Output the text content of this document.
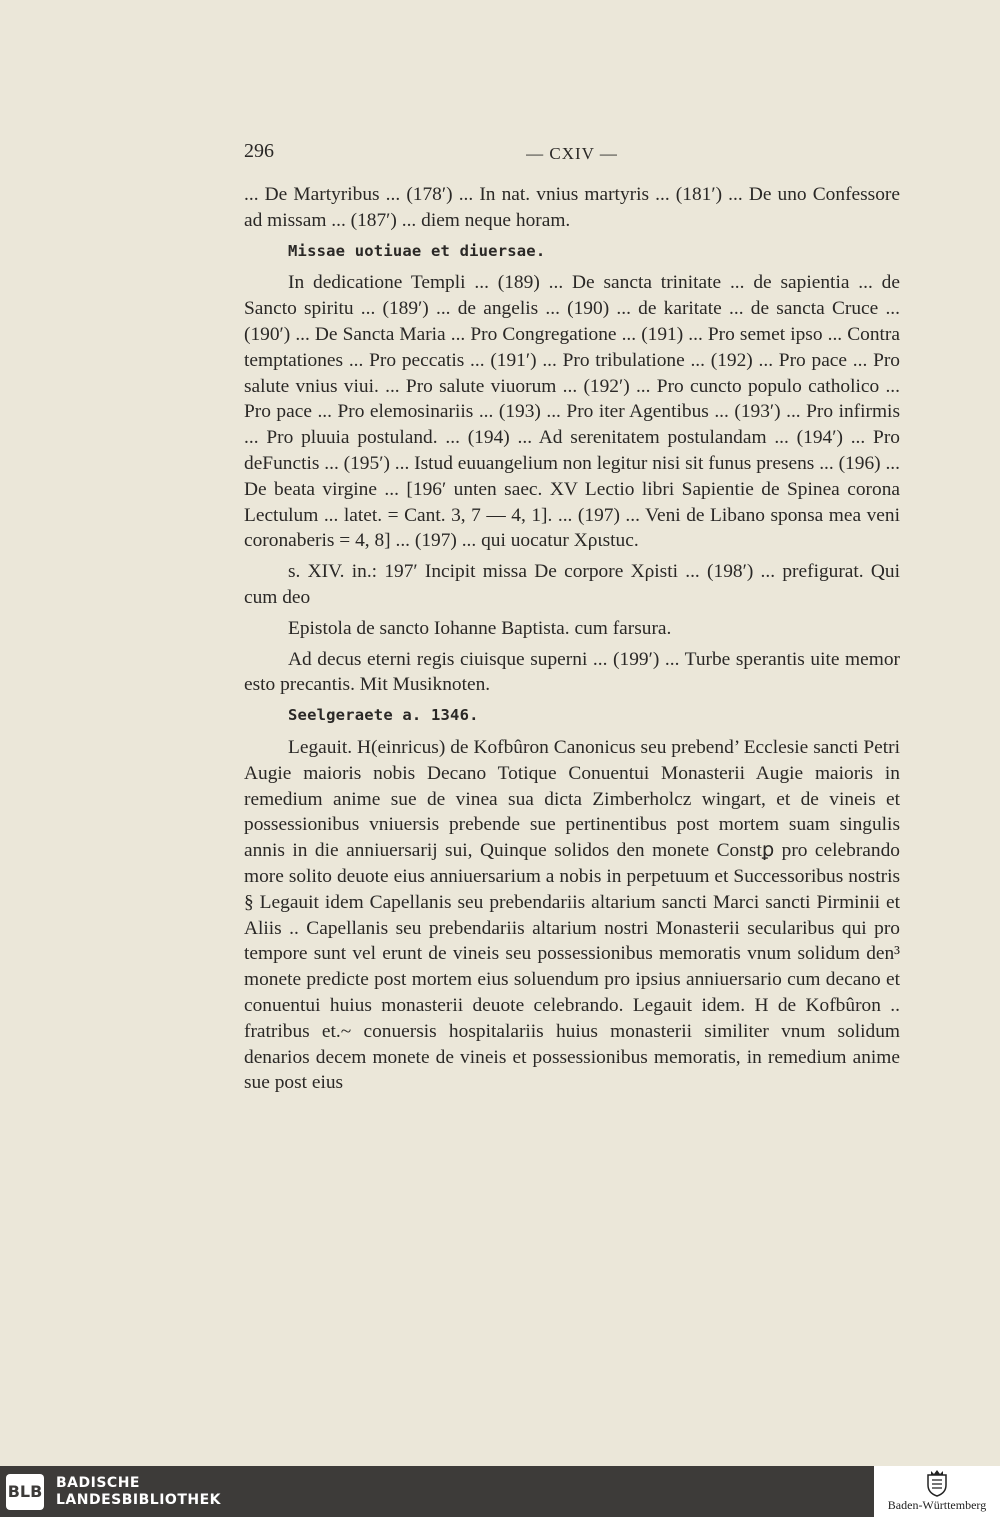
296	— CXIV —

... De Martyribus ... (178′) ... In nat. vnius martyris ... (181′) ... De uno Confessore ad missam ... (187′) ... diem neque horam.

Missae uotiuae et diuersae.

In dedicatione Templi ... (189) ... De sancta trinitate ... de sapientia ... de Sancto spiritu ... (189′) ... de angelis ... (190) ... de karitate ... de sancta Cruce ... (190′) ... De Sancta Maria ... Pro Congregatione ... (191) ... Pro semet ipso ... Contra temptationes ... Pro peccatis ... (191′) ... Pro tribulatione ... (192) ... Pro pace ... Pro salute vnius viui. ... Pro salute viuorum ... (192′) ... Pro cuncto populo catholico ... Pro pace ... Pro elemosinariis ... (193) ... Pro iter Agentibus ... (193′) ... Pro infirmis ... Pro pluuia postuland. ... (194) ... Ad serenitatem postulandam ... (194′) ... Pro deFunctis ... (195′) ... Istud euuangelium non legitur nisi sit funus presens ... (196) ... De beata virgine ... [196′ unten saec. XV Lectio libri Sapientie de Spinea corona Lectulum ... latet. = Cant. 3, 7 — 4, 1]. ... (197) ... Veni de Libano sponsa mea veni coronaberis = 4, 8] ... (197) ... qui uocatur Χριstuc.

s. XIV. in.: 197′ Incipit missa De corpore Χρisti ... (198′) ... prefigurat. Qui cum deo

Epistola de sancto Iohanne Baptista. cum farsura.

Ad decus eterni regis ciuisque superni ... (199′) ... Turbe sperantis uite memor esto precantis. Mit Musiknoten.

Seelgeraete a. 1346.

Legauit. H(einricus) de Kofbûron Canonicus seu prebend’ Ecclesie sancti Petri Augie maioris nobis Decano Totique Conuentui Monasterii Augie maioris in remedium anime sue de vinea sua dicta Zimberholcz wingart, et de vineis et possessionibus vniuersis prebende sue pertinentibus post mortem suam singulis annis in die anniuersarij sui, Quinque solidos den monete Constꝑ pro celebrando more solito deuote eius anniuersarium a nobis in perpetuum et Successoribus nostris § Legauit idem Capellanis seu prebendariis altarium sancti Marci sancti Pirminii et Aliis .. Capellanis seu prebendariis altarium nostri Monasterii secularibus qui pro tempore sunt vel erunt de vineis seu possessionibus memoratis vnum solidum den³ monete predicte post mortem eius soluendum pro ipsius anniuersario cum decano et conuentui huius monasterii deuote celebrando. Legauit idem. H de Kofbûron .. fratribus et.~ conuersis hospitalariis huius monasterii similiter vnum solidum denarios decem monete de vineis et possessionibus memoratis, in remedium anime sue post eius

BLB BADISCHE
LANDESBIBLIOTHEK	Baden-Württemberg
